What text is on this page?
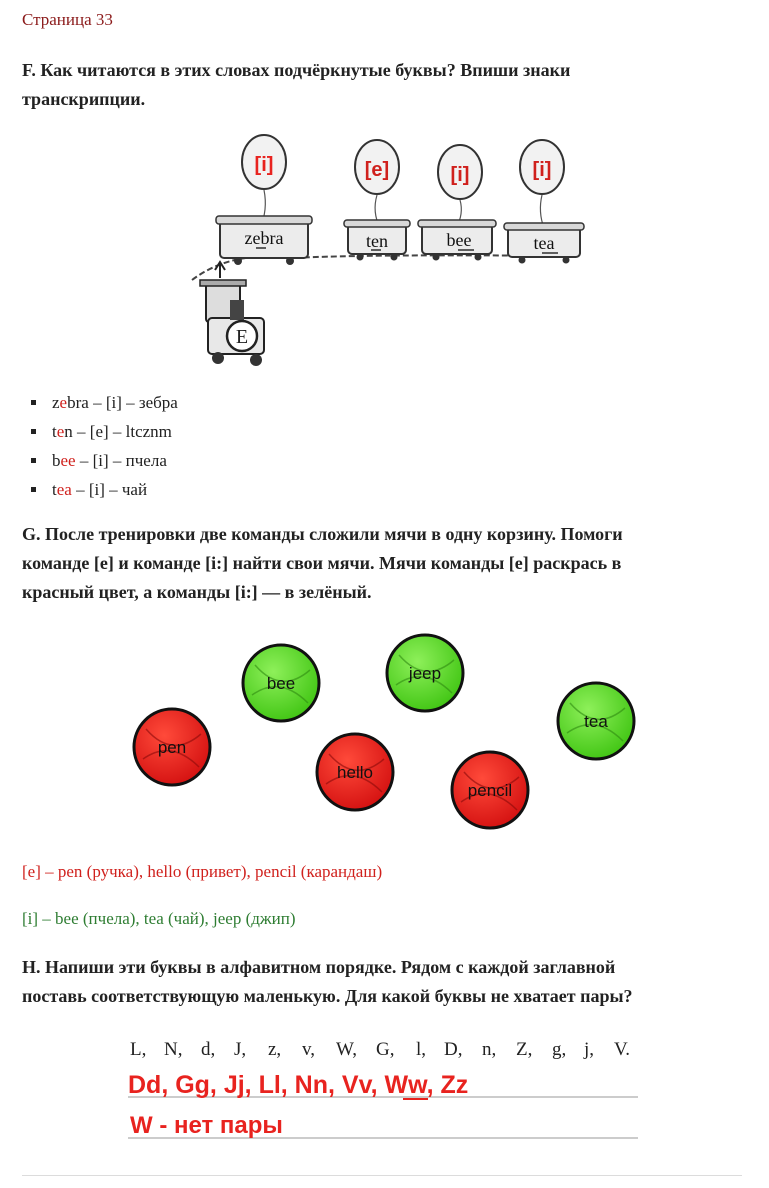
Страница 33
F. Как читаются в этих словах подчёркнутые буквы? Впиши знаки
транскрипции.
[i]	[e]	[i]	[i]
zebra	ten	bee	tea
E
zebra – [i] – зебра
ten – [e] – ltcznm
bee – [i] – пчела
tea – [i] – чай
G. После тренировки две команды сложили мячи в одну корзину. Помоги
команде [e] и команде [i:] найти свои мячи. Мячи команды [e] раскрась в
красный цвет, а команды [i:] — в зелёный.
bee
jeep
tea
pen
hello
pencil
[e] – pen (ручка), hello (привет), pencil (карандаш)
[i] – bee (пчела), tea (чай), jeep (джип)
H. Напиши эти буквы в алфавитном порядке. Рядом с каждой заглавной
поставь соответствующую маленькую. Для какой буквы не хватает пары?
L, N, d, J, z, v, W, G, l, D, n, Z, g, j, V.
Dd, Gg, Jj, Ll, Nn, Vv, Ww, Zz
W - нет пары
